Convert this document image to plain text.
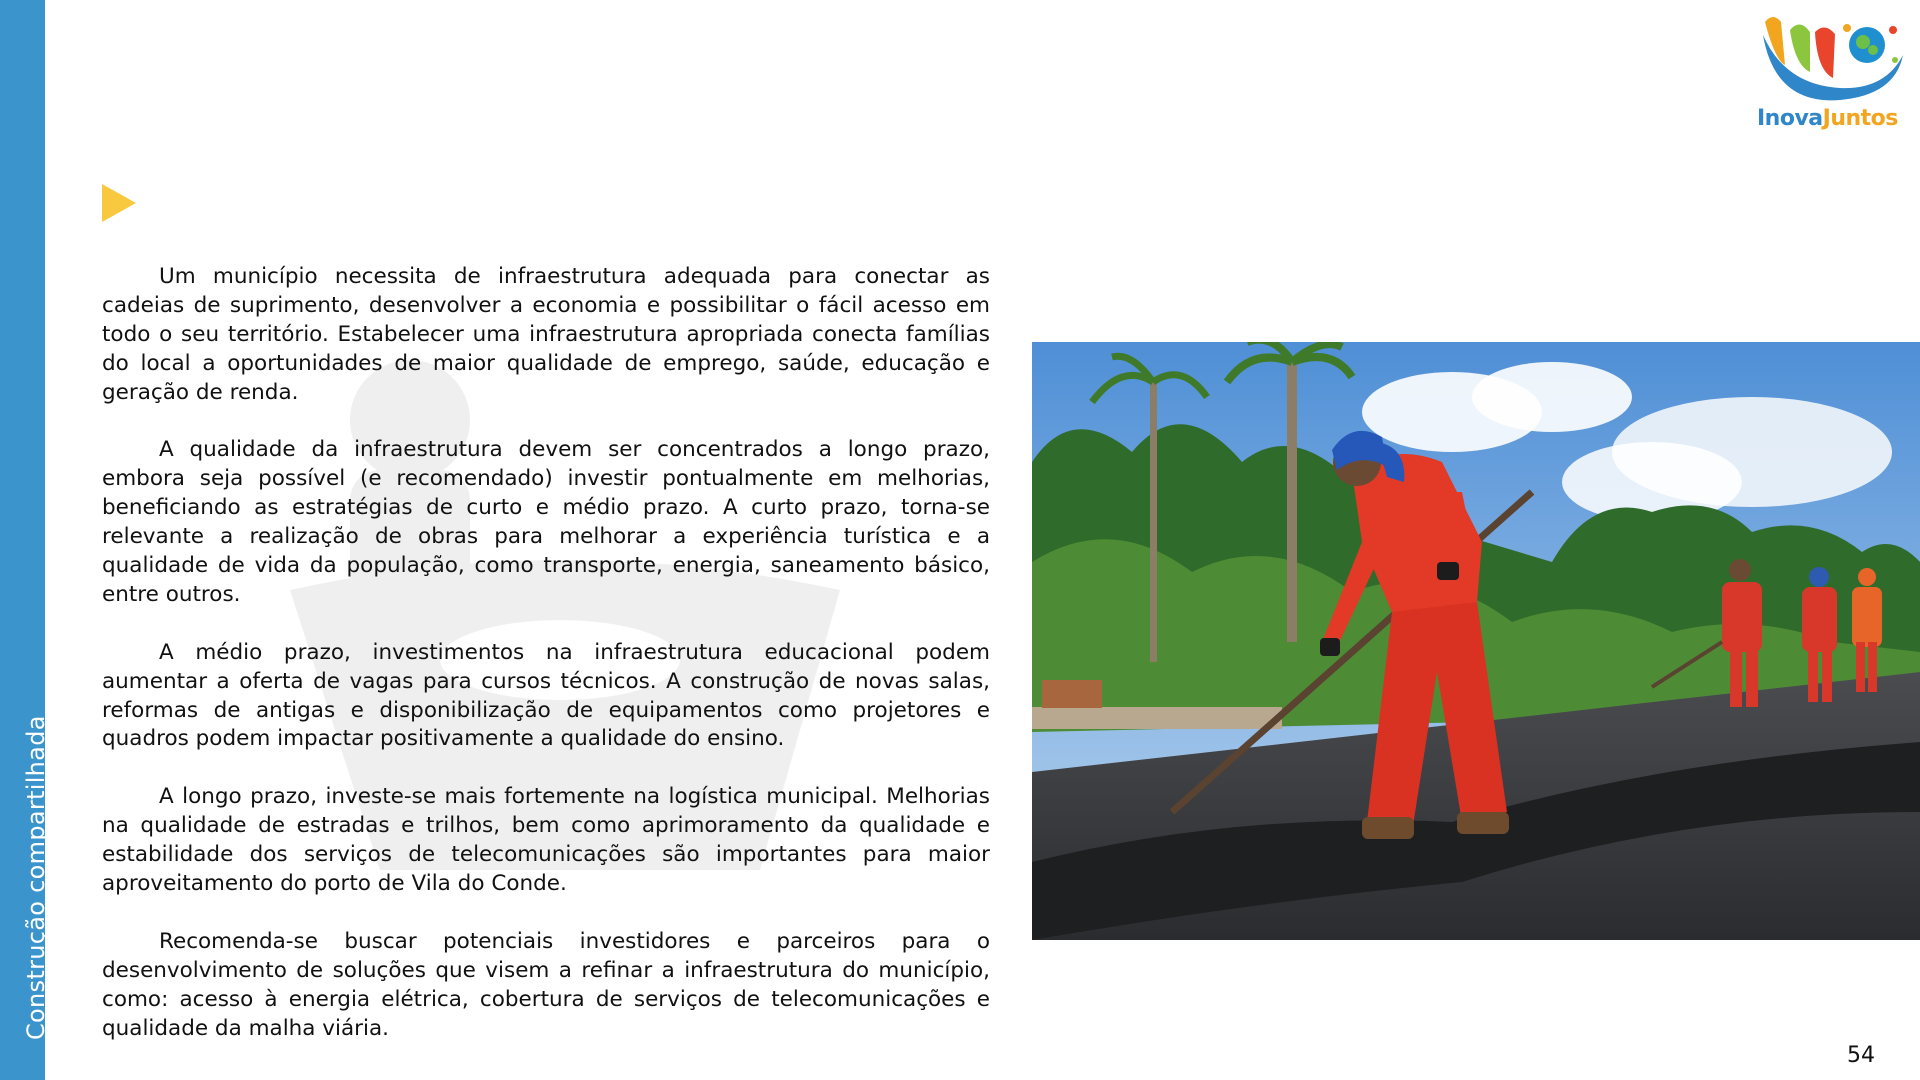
Construção compartilhada

Um município necessita de infraestrutura adequada para conectar as cadeias de suprimento, desenvolver a economia e possibilitar o fácil acesso em todo o seu território. Estabelecer uma infraestrutura apropriada conecta famílias do local a oportunidades de maior qualidade de emprego, saúde, educação e geração de renda.

A qualidade da infraestrutura devem ser concentrados a longo prazo, embora seja possível (e recomendado) investir pontualmente em melhorias, beneficiando as estratégias de curto e médio prazo. A curto prazo, torna-se relevante a realização de obras para melhorar a experiência turística e a qualidade de vida da população, como transporte, energia, saneamento básico, entre outros.

A médio prazo, investimentos na infraestrutura educacional podem aumentar a oferta de vagas para cursos técnicos. A construção de novas salas, reformas de antigas e disponibilização de equipamentos como projetores e quadros podem impactar positivamente a qualidade do ensino.

A longo prazo, investe-se mais fortemente na logística municipal. Melhorias na qualidade de estradas e trilhos, bem como aprimoramento da qualidade e estabilidade dos serviços de telecomunicações são importantes para maior aproveitamento do porto de Vila do Conde.

Recomenda-se buscar potenciais investidores e parceiros para o desenvolvimento de soluções que visem a refinar a infraestrutura do município, como: acesso à energia elétrica, cobertura de serviços de telecomunicações e qualidade da malha viária.

InovaJuntos
54
